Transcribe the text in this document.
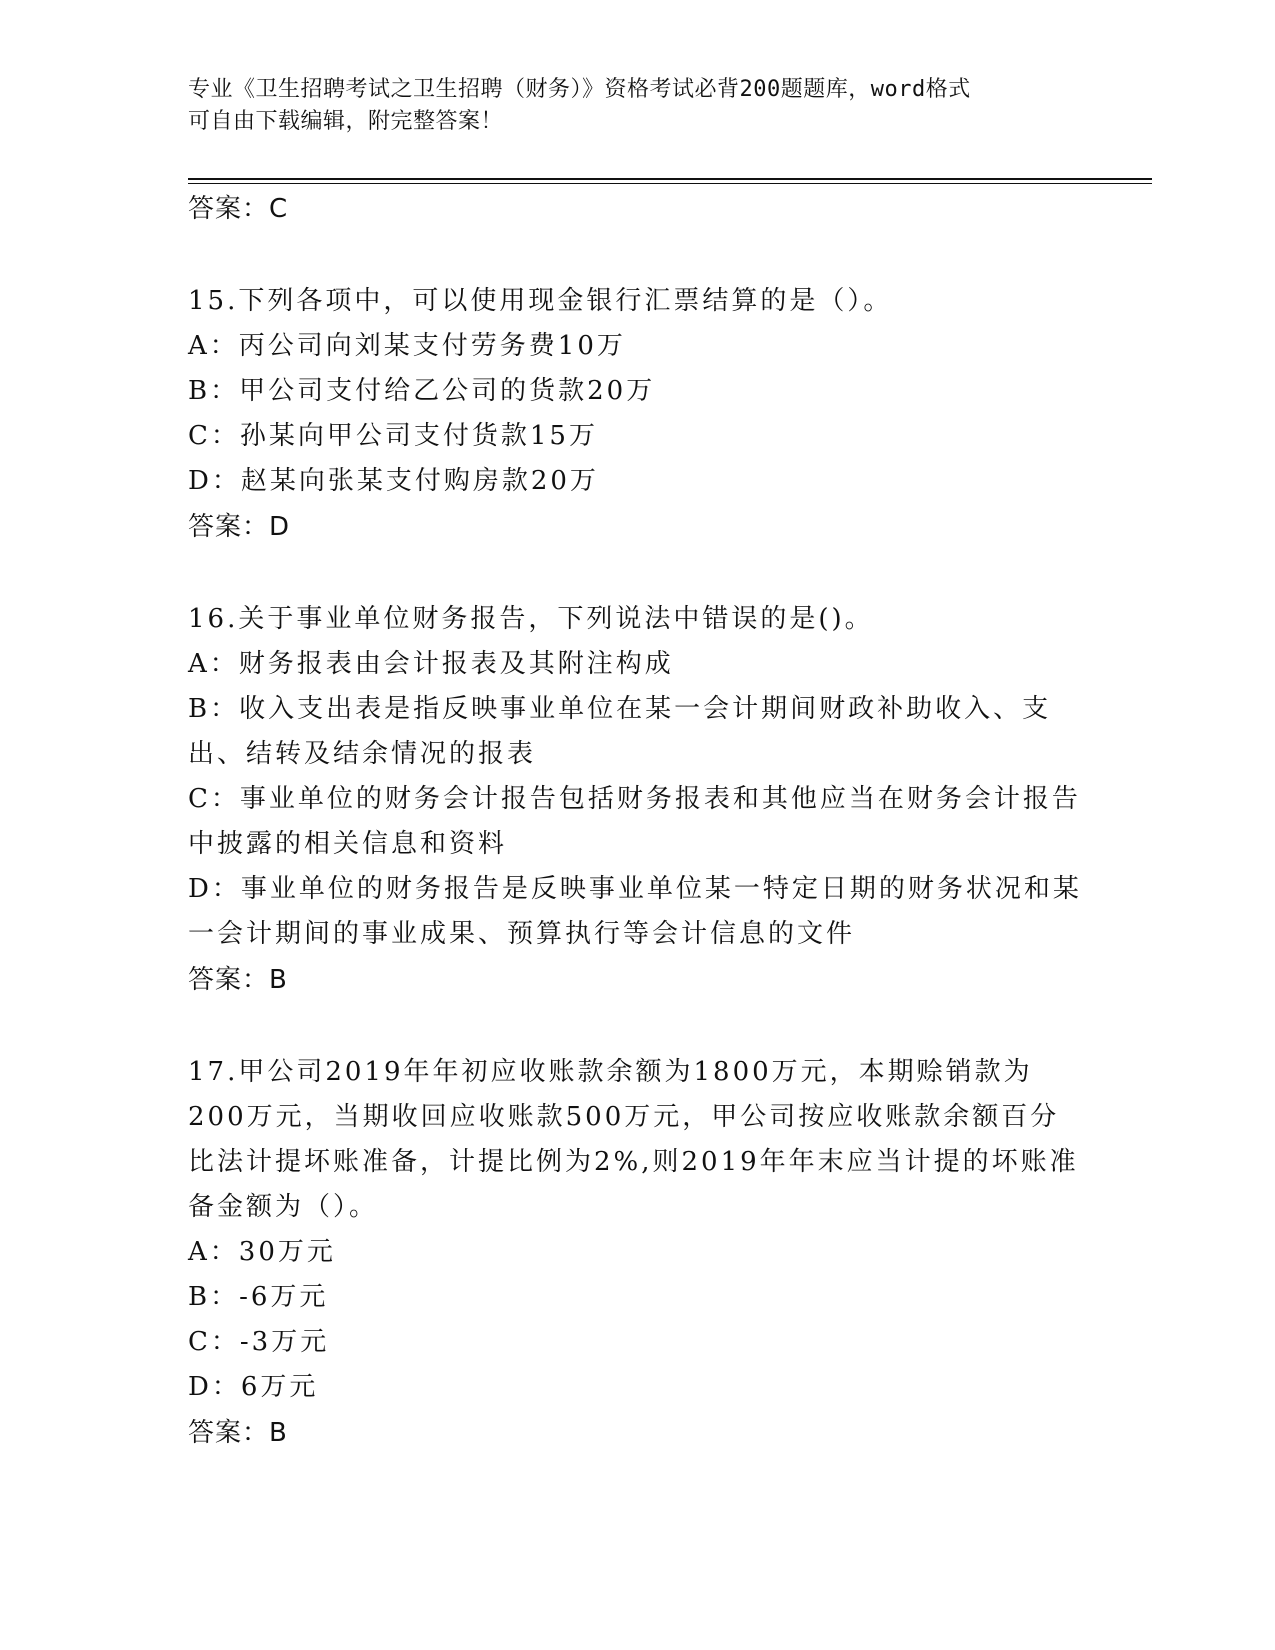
专业《卫生招聘考试之卫生招聘（财务）》资格考试必背200题题库，word格式
可自由下载编辑，附完整答案！

答案：C

15.下列各项中，可以使用现金银行汇票结算的是（）。

A：丙公司向刘某支付劳务费10万

B：甲公司支付给乙公司的货款20万

C：孙某向甲公司支付货款15万

D：赵某向张某支付购房款20万

答案：D

16.关于事业单位财务报告，下列说法中错误的是()。

A：财务报表由会计报表及其附注构成

B：收入支出表是指反映事业单位在某一会计期间财政补助收入、支出、结转及结余情况的报表

C：事业单位的财务会计报告包括财务报表和其他应当在财务会计报告中披露的相关信息和资料

D：事业单位的财务报告是反映事业单位某一特定日期的财务状况和某一会计期间的事业成果、预算执行等会计信息的文件

答案：B

17.甲公司2019年年初应收账款余额为1800万元，本期赊销款为200万元，当期收回应收账款500万元，甲公司按应收账款余额百分比法计提坏账准备，计提比例为2%,则2019年年末应当计提的坏账准备金额为（）。

A：30万元

B：-6万元

C：-3万元

D：6万元

答案：B
